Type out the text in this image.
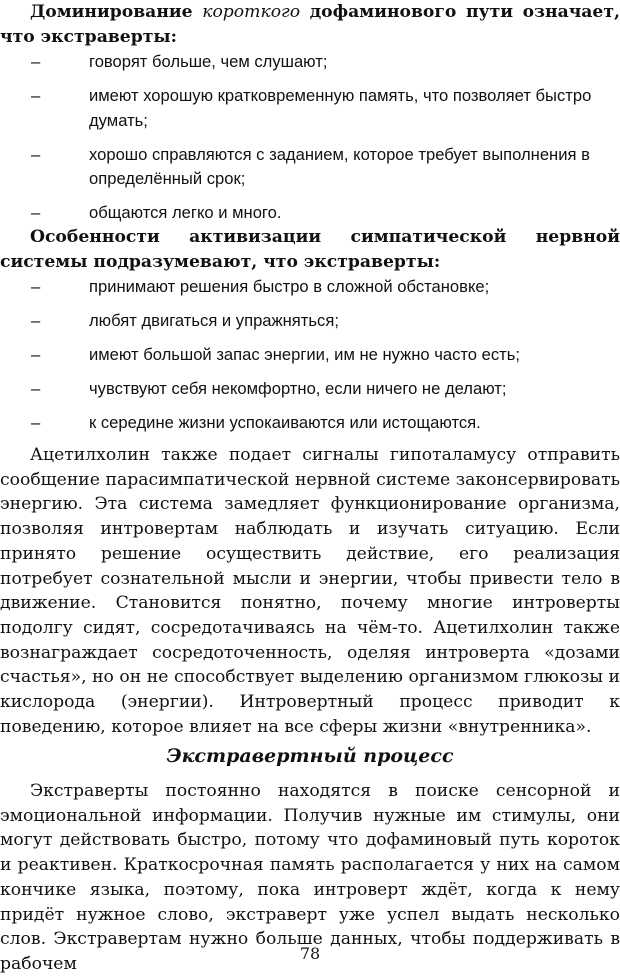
Доминирование короткого дофаминового пути означает, что экстраверты:

–	говорят больше, чем слушают;
–	имеют хорошую кратковременную память, что позволяет быстро думать;
–	хорошо справляются с заданием, которое требует выполнения в определённый срок;
–	общаются легко и много.

Особенности активизации симпатической нервной системы подразумевают, что экстраверты:

–	принимают решения быстро в сложной обстановке;
–	любят двигаться и упражняться;
–	имеют большой запас энергии, им не нужно часто есть;
–	чувствуют себя некомфортно, если ничего не делают;
–	к середине жизни успокаиваются или истощаются.

Ацетилхолин также подает сигналы гипоталамусу отправить сообщение парасимпатической нервной системе законсервировать энергию. Эта система замедляет функционирование организма, позволяя интровертам наблюдать и изучать ситуацию. Если принято решение осуществить действие, его реализация потребует сознательной мысли и энергии, чтобы привести тело в движение. Становится понятно, почему многие интроверты подолгу сидят, сосредотачиваясь на чём-то. Ацетилхолин также вознаграждает сосредоточенность, оделяя интроверта «дозами счастья», но он не способствует выделению организмом глюкозы и кислорода (энергии). Интровертный процесс приводит к поведению, которое влияет на все сферы жизни «внутренника».

Экстравертный процесс

Экстраверты постоянно находятся в поиске сенсорной и эмоциональной информации. Получив нужные им стимулы, они могут действовать быстро, потому что дофаминовый путь короток и реактивен. Краткосрочная память располагается у них на самом кончике языка, поэтому, пока интроверт ждёт, когда к нему придёт нужное слово, экстраверт уже успел выдать несколько слов. Экстравертам нужно больше данных, чтобы поддерживать в рабочем

78
